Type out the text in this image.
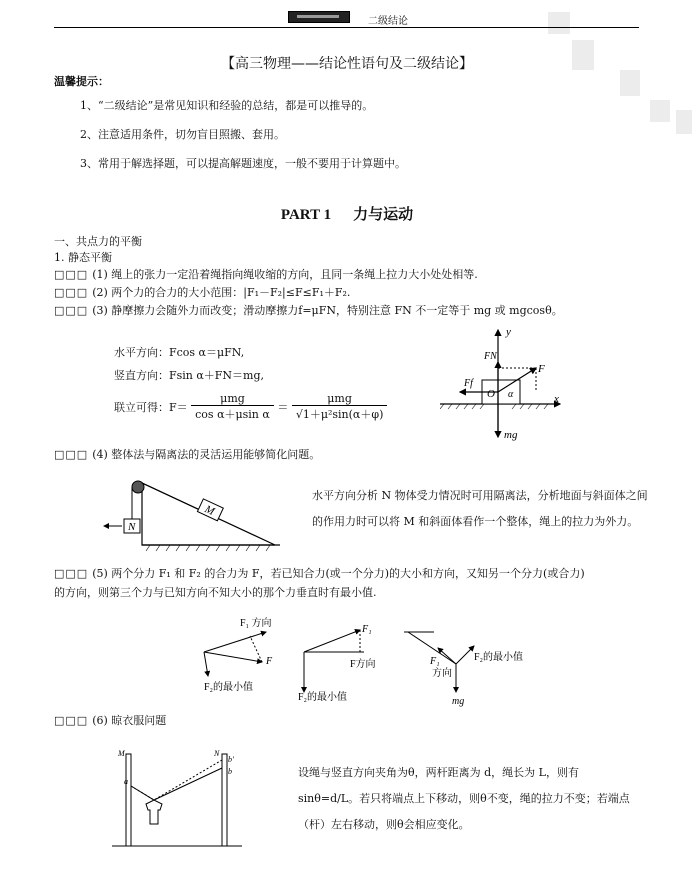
二级结论
【高三物理——结论性语句及二级结论】
温馨提示：
1、“二级结论”是常见知识和经验的总结，都是可以推导的。
2、注意适用条件，切勿盲目照搬、套用。
3、常用于解选择题，可以提高解题速度，一般不要用于计算题中。
PART 1 力与运动
一、共点力的平衡
1. 静态平衡
□□□ (1) 绳上的张力一定沿着绳指向绳收缩的方向，且同一条绳上拉力大小处处相等.
□□□ (2) 两个力的合力的大小范围：|F₁－F₂|≤F≤F₁＋F₂.
□□□ (3) 静摩擦力会随外力而改变；滑动摩擦力f=μFN，特别注意 FN 不一定等于 mg 或 mgcosθ。
水平方向：Fcos α＝μFN,
竖直方向：Fsin α＋FN＝mg,
联立可得：F＝
μmg
cos α＋μsin α
＝
μmg
√1＋μ²sin(α＋φ)
y
x
FN
F
Ff
O α
mg
□□□ (4) 整体法与隔离法的灵活运用能够简化问题。
M
N
水平方向分析 N 物体受力情况时可用隔离法，分析地面与斜面体之间的作用力时可以将 M 和斜面体看作一个整体，绳上的拉力为外力。
□□□ (5) 两个分力 F₁ 和 F₂ 的合力为 F，若已知合力(或一个分力)的大小和方向，又知另一个分力(或合力)
的方向，则第三个力与已知方向不知大小的那个力垂直时有最小值.
F₁ 方向
F
F₂的最小值
F₁
F方向
F₂的最小值
F₁
方向
F₂的最小值
mg
□□□ (6) 晾衣服问题
M	N
b'
b
a
设绳与竖直方向夹角为θ，两杆距离为 d，绳长为 L，则有 sinθ=d/L。若只将端点上下移动，则θ不变，绳的拉力不变；若端点（杆）左右移动，则θ会相应变化。
